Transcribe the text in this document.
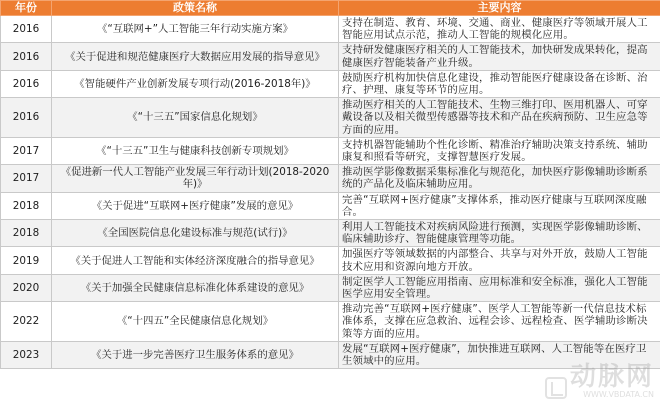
年份	政策名称	主要内容
2016	《“互联网+”人工智能三年行动实施方案》	支持在制造、教育、环境、交通、商业、健康医疗等领域开展人工智能应用试点示范，推动人工智能的规模化应用。
2016	《关于促进和规范健康医疗大数据应用发展的指导意见》	支持研发健康医疗相关的人工智能技术，加快研发成果转化，提高健康医疗智能装备产业升级。
2016	《智能硬件产业创新发展专项行动(2016-2018年)》	鼓励医疗机构加快信息化建设，推动智能医疗健康设备在诊断、治疗、护理、康复等环节的应用。
2016	《“十三五”国家信息化规划》	推动医疗相关的人工智能技术、生物三维打印、医用机器人、可穿戴设备以及相关微型传感器等技术和产品在疾病预防、卫生应急等方面的应用。
2017	《“十三五”卫生与健康科技创新专项规划》	支持机器智能辅助个性化诊断、精准治疗辅助决策支持系统、辅助康复和照看等研究，支撑智慧医疗发展。
2017	《促进新一代人工智能产业发展三年行动计划(2018-2020年)》	推动医学影像数据采集标准化与规范化，加快医疗影像辅助诊断系统的产品化及临床辅助应用。
2018	《关于促进“互联网+医疗健康”发展的意见》	完善“互联网+医疗健康”支撑体系，推动医疗健康与互联网深度融合。
2018	《全国医院信息化建设标准与规范(试行)》	利用人工智能技术对疾病风险进行预测，实现医学影像辅助诊断、临床辅助诊疗、智能健康管理等功能。
2019	《关于促进人工智能和实体经济深度融合的指导意见》	加强医疗等领域数据的内部整合、共享与对外开放，鼓励人工智能技术应用和资源向地方开放。
2020	《关于加强全民健康信息标准化体系建设的意见》	制定医学人工智能应用指南、应用标准和安全标准，强化人工智能医学应用安全管理。
2022	《“十四五”全民健康信息化规划》	推动完善“互联网+医疗健康”、医学人工智能等新一代信息技术标准体系，支撑在应急救治、远程会诊、远程检查、医学辅助诊断决策等方面的应用。
2023	《关于进一步完善医疗卫生服务体系的意见》	发展“互联网+医疗健康”，加快推进互联网、人工智能等在医疗卫生领域中的应用。
动脉网
WWW.VBDATA.CN
